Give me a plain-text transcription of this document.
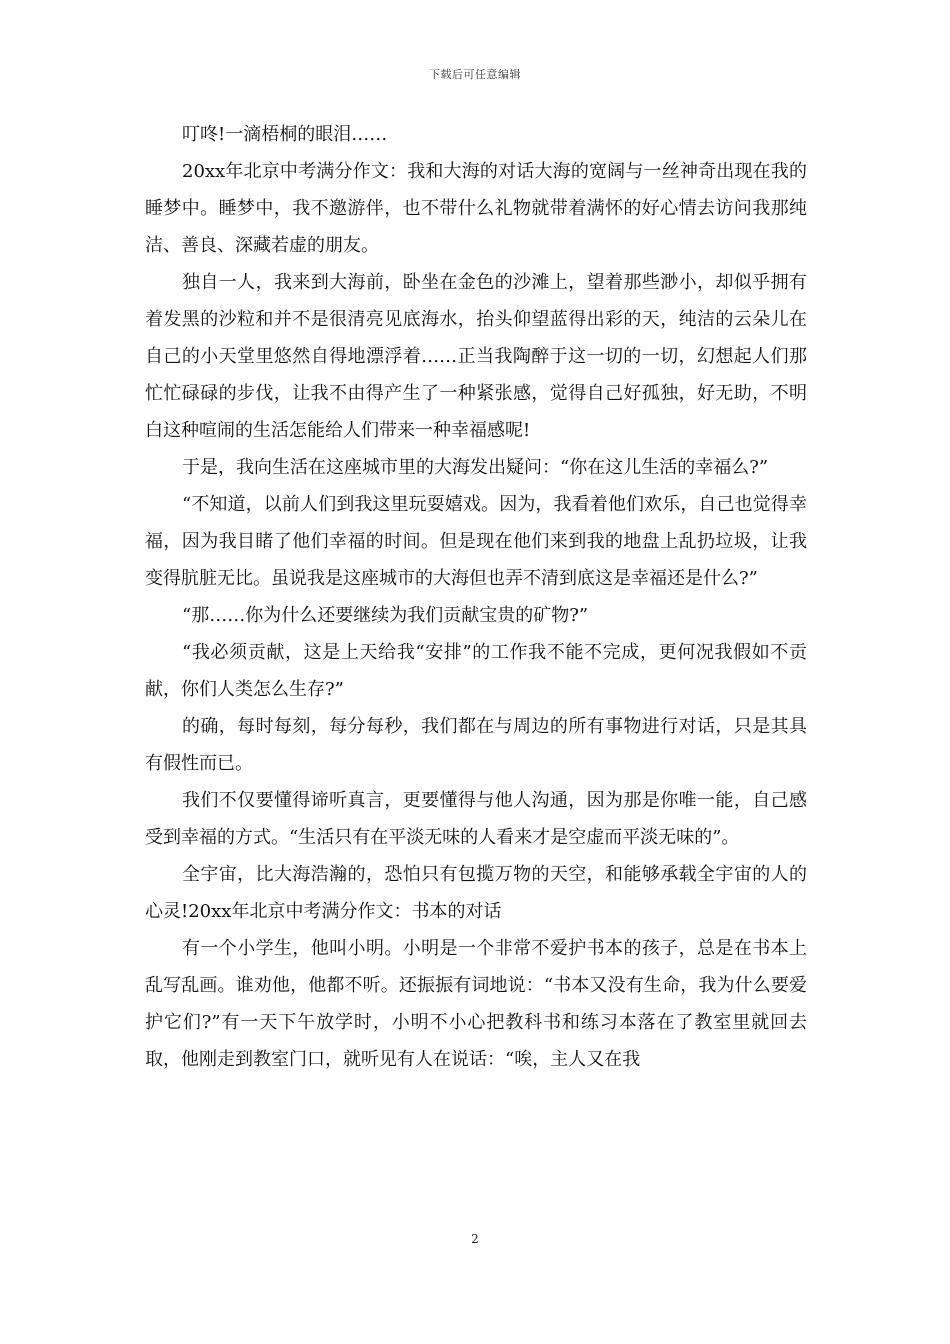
下载后可任意编辑

叮咚!一滴梧桐的眼泪……

20xx年北京中考满分作文：我和大海的对话大海的宽阔与一丝神奇出现在我的睡梦中。睡梦中，我不邀游伴，也不带什么礼物就带着满怀的好心情去访问我那纯洁、善良、深藏若虚的朋友。

独自一人，我来到大海前，卧坐在金色的沙滩上，望着那些渺小，却似乎拥有着发黑的沙粒和并不是很清亮见底海水，抬头仰望蓝得出彩的天，纯洁的云朵儿在自己的小天堂里悠然自得地漂浮着……正当我陶醉于这一切的一切，幻想起人们那忙忙碌碌的步伐，让我不由得产生了一种紧张感，觉得自己好孤独，好无助，不明白这种喧闹的生活怎能给人们带来一种幸福感呢!

于是，我向生活在这座城市里的大海发出疑问：“你在这儿生活的幸福么?”

“不知道，以前人们到我这里玩耍嬉戏。因为，我看着他们欢乐，自己也觉得幸福，因为我目睹了他们幸福的时间。但是现在他们来到我的地盘上乱扔垃圾，让我变得肮脏无比。虽说我是这座城市的大海但也弄不清到底这是幸福还是什么?”

“那……你为什么还要继续为我们贡献宝贵的矿物?”

“我必须贡献，这是上天给我“安排”的工作我不能不完成，更何况我假如不贡献，你们人类怎么生存?”

的确，每时每刻，每分每秒，我们都在与周边的所有事物进行对话，只是其具有假性而已。

我们不仅要懂得谛听真言，更要懂得与他人沟通，因为那是你唯一能，自己感受到幸福的方式。“生活只有在平淡无味的人看来才是空虚而平淡无味的”。

全宇宙，比大海浩瀚的，恐怕只有包揽万物的天空，和能够承载全宇宙的人的心灵!20xx年北京中考满分作文：书本的对话

有一个小学生，他叫小明。小明是一个非常不爱护书本的孩子，总是在书本上乱写乱画。谁劝他，他都不听。还振振有词地说：“书本又没有生命，我为什么要爱护它们?”有一天下午放学时，小明不小心把教科书和练习本落在了教室里就回去取，他刚走到教室门口，就听见有人在说话：“唉，主人又在我

2
